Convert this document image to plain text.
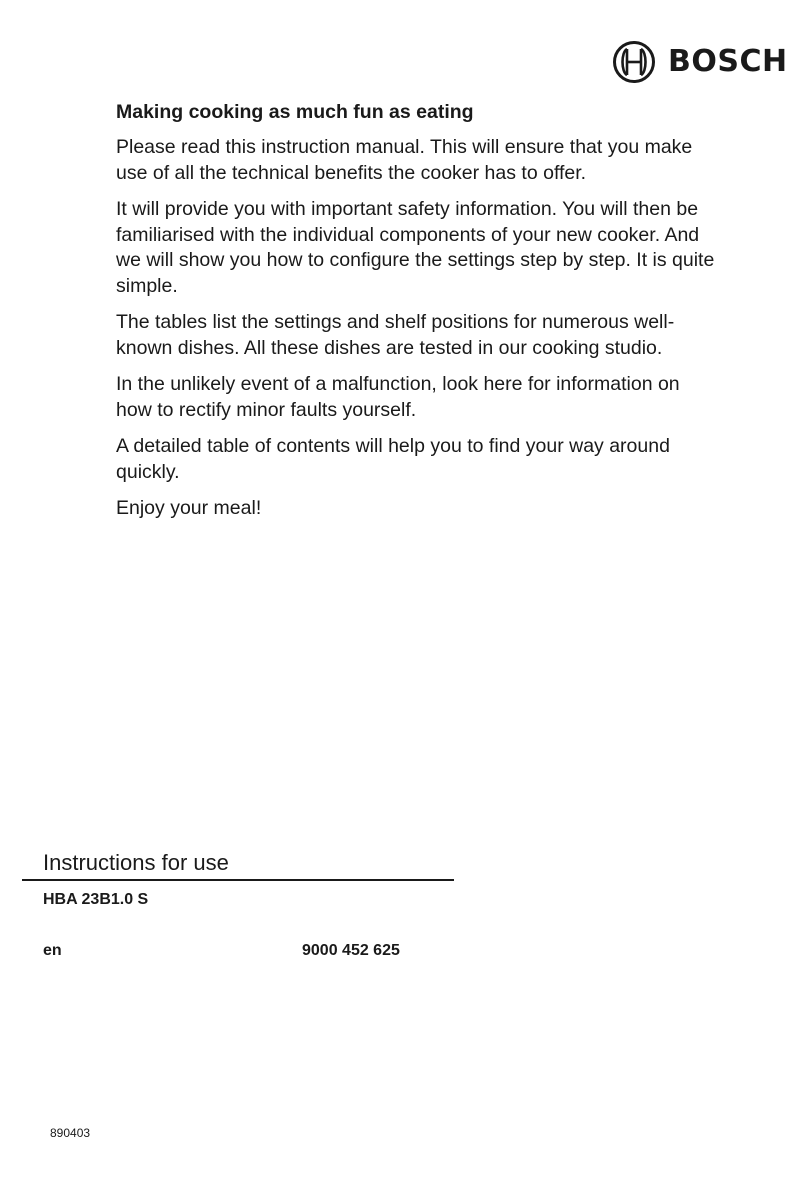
BOSCH
Making cooking as much fun as eating

Please read this instruction manual. This will ensure that you make use of all the technical benefits the cooker has to offer.

It will provide you with important safety information. You will then be familiarised with the individual components of your new cooker. And we will show you how to configure the settings step by step. It is quite simple.

The tables list the settings and shelf positions for numerous well-known dishes. All these dishes are tested in our cooking studio.

In the unlikely event of a malfunction, look here for information on how to rectify minor faults yourself.

A detailed table of contents will help you to find your way around quickly.

Enjoy your meal!

Instructions for use
HBA 23B1.0 S
en	9000 452 625
890403
